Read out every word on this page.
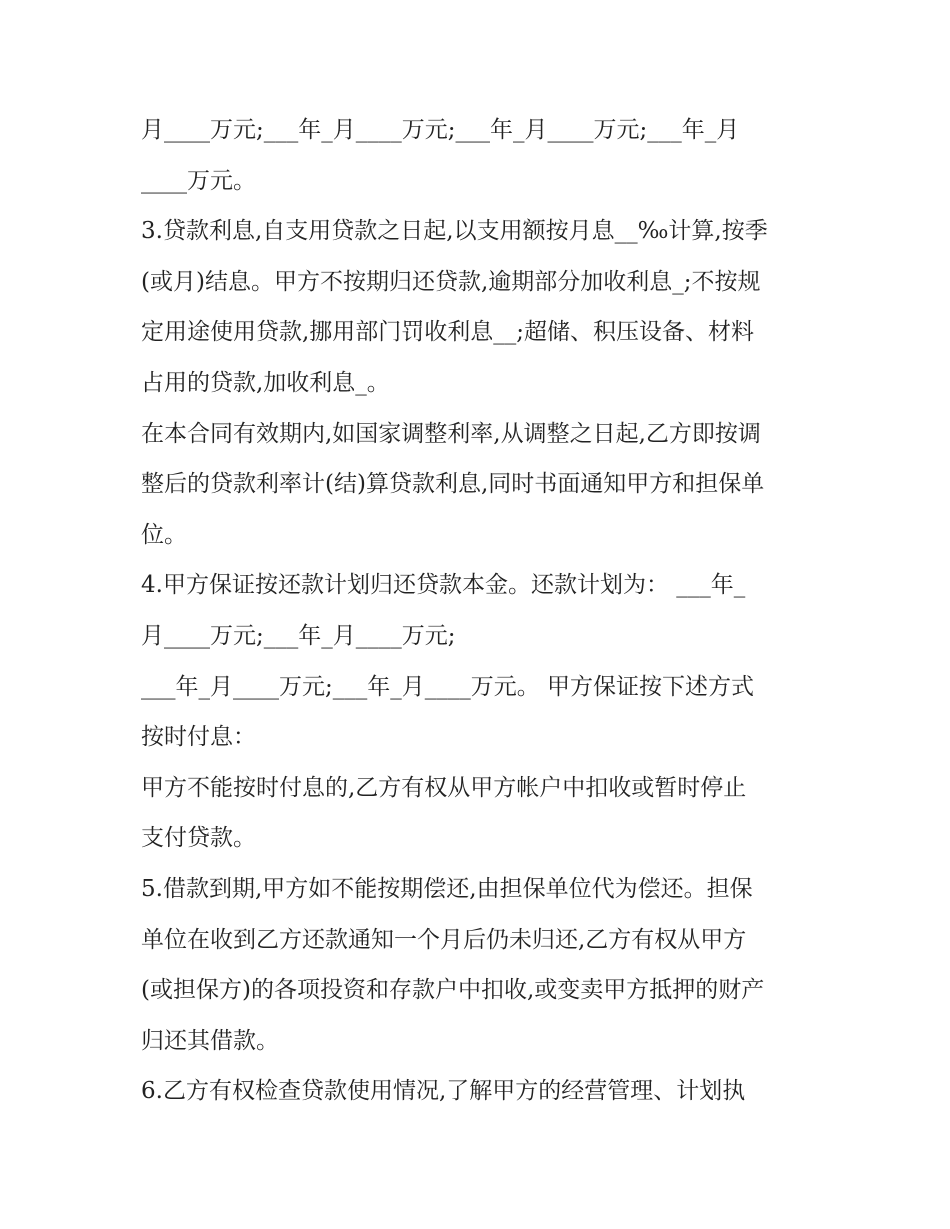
月____万元;___年_月____万元;___年_月____万元;___年_月
____万元。
3.贷款利息,自支用贷款之日起,以支用额按月息__‰计算,按季
(或月)结息。甲方不按期归还贷款,逾期部分加收利息_;不按规
定用途使用贷款,挪用部门罚收利息__;超储、积压设备、材料
占用的贷款,加收利息_。
在本合同有效期内,如国家调整利率,从调整之日起,乙方即按调
整后的贷款利率计(结)算贷款利息,同时书面通知甲方和担保单
位。
4.甲方保证按还款计划归还贷款本金。还款计划为： ___年_
月____万元;___年_月____万元;
___年_月____万元;___年_月____万元。 甲方保证按下述方式
按时付息：
甲方不能按时付息的,乙方有权从甲方帐户中扣收或暂时停止
支付贷款。
5.借款到期,甲方如不能按期偿还,由担保单位代为偿还。担保
单位在收到乙方还款通知一个月后仍未归还,乙方有权从甲方
(或担保方)的各项投资和存款户中扣收,或变卖甲方抵押的财产
归还其借款。
6.乙方有权检查贷款使用情况,了解甲方的经营管理、计划执
